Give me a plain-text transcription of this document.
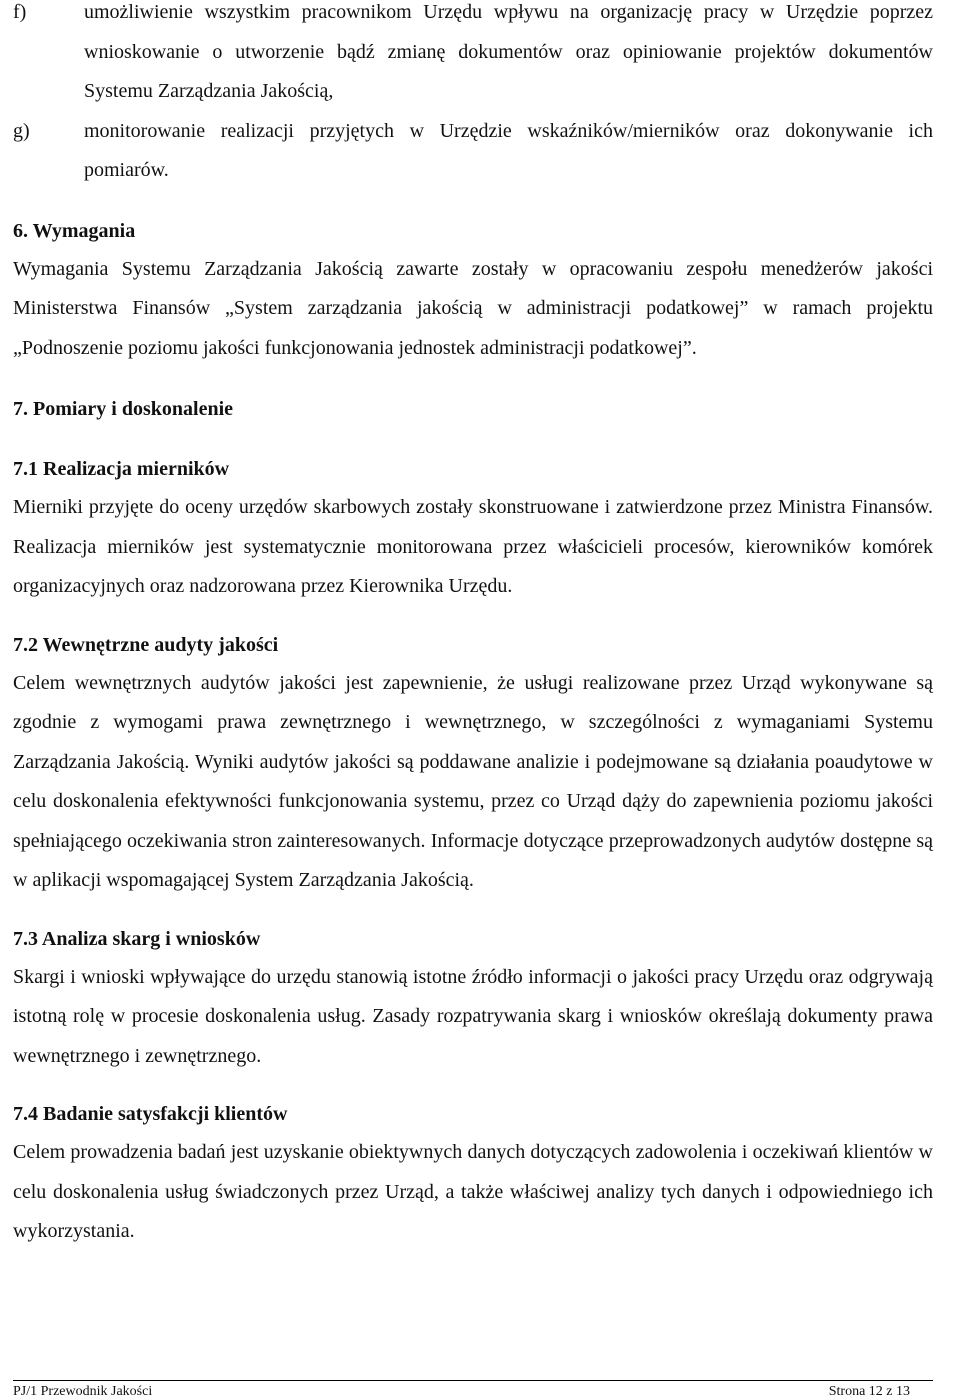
f)	umożliwienie wszystkim pracownikom Urzędu wpływu na organizację pracy w Urzędzie poprzez wnioskowanie o utworzenie bądź zmianę dokumentów oraz opiniowanie projektów dokumentów Systemu Zarządzania Jakością,
g)	monitorowanie realizacji przyjętych w Urzędzie wskaźników/mierników oraz dokonywanie ich pomiarów.
6. Wymagania

Wymagania Systemu Zarządzania Jakością zawarte zostały w opracowaniu zespołu menedżerów jakości Ministerstwa Finansów „System zarządzania jakością w administracji podatkowej” w ramach projektu „Podnoszenie poziomu jakości funkcjonowania jednostek administracji podatkowej”.

7. Pomiary i doskonalenie
7.1 Realizacja mierników

Mierniki przyjęte do oceny urzędów skarbowych zostały skonstruowane i zatwierdzone przez Ministra Finansów. Realizacja mierników jest systematycznie monitorowana przez właścicieli procesów, kierowników komórek organizacyjnych oraz nadzorowana przez Kierownika Urzędu.

7.2 Wewnętrzne audyty jakości

Celem wewnętrznych audytów jakości jest zapewnienie, że usługi realizowane przez Urząd wykonywane są zgodnie z wymogami prawa zewnętrznego i wewnętrznego, w szczególności z wymaganiami Systemu Zarządzania Jakością. Wyniki audytów jakości są poddawane analizie i podejmowane są działania poaudytowe w celu doskonalenia efektywności funkcjonowania systemu, przez co Urząd dąży do zapewnienia poziomu jakości spełniającego oczekiwania stron zainteresowanych. Informacje dotyczące przeprowadzonych audytów dostępne są w aplikacji wspomagającej System Zarządzania Jakością.

7.3 Analiza skarg i wniosków

Skargi i wnioski wpływające do urzędu stanowią istotne źródło informacji o jakości pracy Urzędu oraz odgrywają istotną rolę w procesie doskonalenia usług. Zasady rozpatrywania skarg i wniosków określają dokumenty prawa wewnętrznego i zewnętrznego.

7.4 Badanie satysfakcji klientów

Celem prowadzenia badań jest uzyskanie obiektywnych danych dotyczących zadowolenia i oczekiwań klientów w celu doskonalenia usług świadczonych przez Urząd, a także właściwej analizy tych danych i odpowiedniego ich wykorzystania.

PJ/1 Przewodnik Jakości	Strona 12 z 13
